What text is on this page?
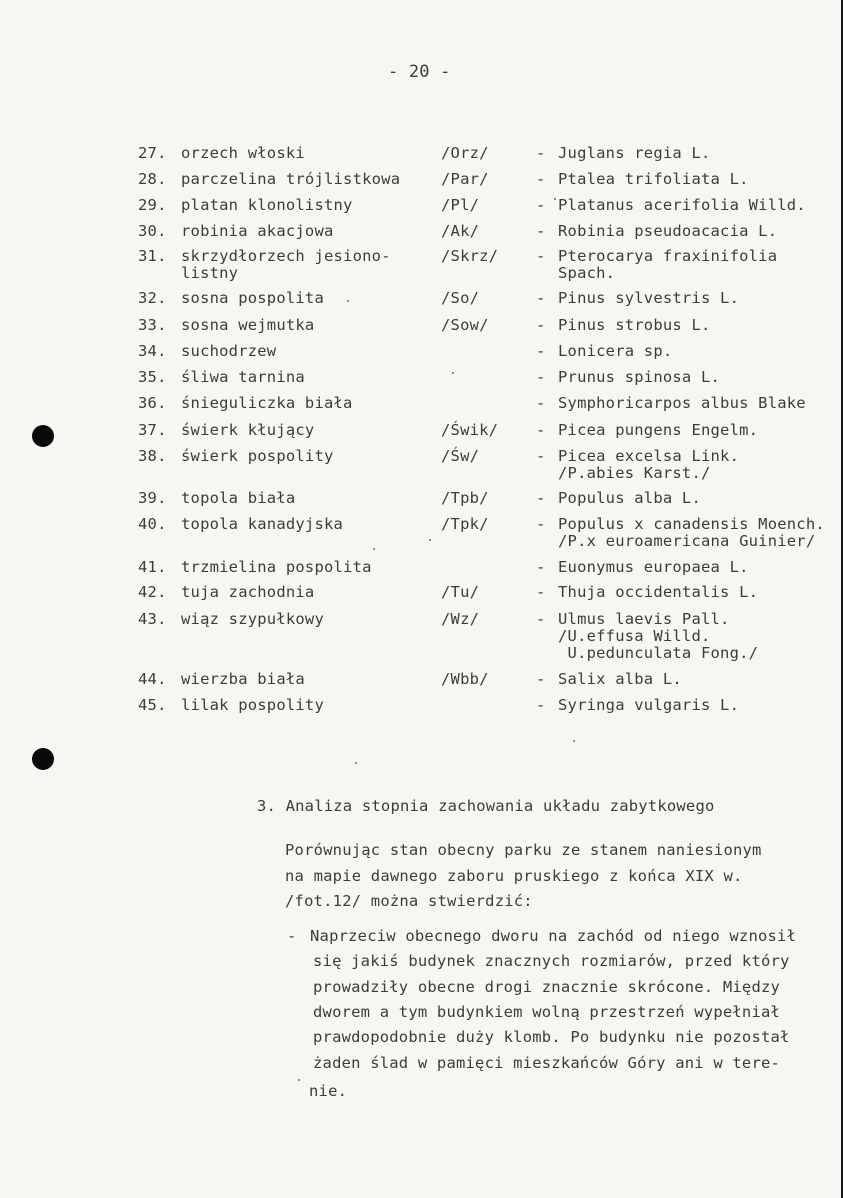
- 20 -
27. orzech włoski	/Orz/	- Juglans regia L.
28. parczelina trójlistkowa	/Par/	- Ptalea trifoliata L.
29. platan klonolistny	/Pl/	- Platanus acerifolia Willd.
30. robinia akacjowa	/Ak/	- Robinia pseudoacacia L.
31. skrzydłorzech jesiono-
listny
/Skrz/ - Pterocarya fraxinifolia
Spach.
32. sosna pospolita	/So/	- Pinus sylvestris L.
33. sosna wejmutka	/Sow/	- Pinus strobus L.
34. suchodrzew	- Lonicera sp.
35. śliwa tarnina	- Prunus spinosa L.
36. śnieguliczka biała	- Symphoricarpos albus Blake
37. świerk kłujący	/Świk/ - Picea pungens Engelm.
38. świerk pospolity	/Św/	- Picea excelsa Link.
/P.abies Karst./
39. topola biała	/Tpb/	- Populus alba L.
40. topola kanadyjska	/Tpk/	- Populus x canadensis Moench.
/P.x euroamericana Guinier/
41. trzmielina pospolita	- Euonymus europaea L.
42. tuja zachodnia	/Tu/	- Thuja occidentalis L.
43. wiąz szypułkowy	/Wz/	- Ulmus laevis Pall.
/U.effusa Willd.
U.pedunculata Fong./
44. wierzba biała	/Wbb/	- Salix alba L.
45. lilak pospolity	- Syringa vulgaris L.
3. Analiza stopnia zachowania układu zabytkowego
Porównując stan obecny parku ze stanem naniesionym
na mapie dawnego zaboru pruskiego z końca XIX w.
/fot.12/ można stwierdzić:
- Naprzeciw obecnego dworu na zachód od niego wznosił
się jakiś budynek znacznych rozmiarów, przed który
prowadziły obecne drogi znacznie skrócone. Między
dworem a tym budynkiem wolną przestrzeń wypełniał
prawdopodobnie duży klomb. Po budynku nie pozostał
żaden ślad w pamięci mieszkańców Góry ani w tere-
nie.
